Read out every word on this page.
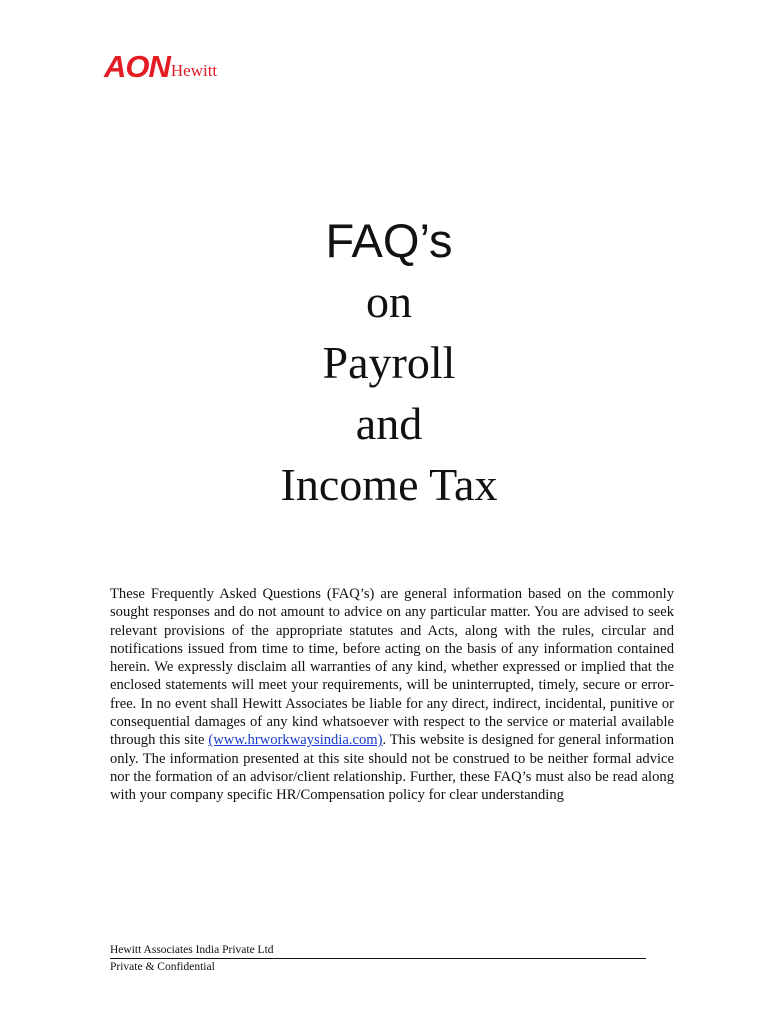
AON Hewitt
FAQ’s
on
Payroll
and
Income Tax
These Frequently Asked Questions (FAQ’s) are general information based on the commonly sought responses and do not amount to advice on any particular matter. You are advised to seek relevant provisions of the appropriate statutes and Acts, along with the rules, circular and notifications issued from time to time, before acting on the basis of any information contained herein. We expressly disclaim all warranties of any kind, whether expressed or implied that the enclosed statements will meet your requirements, will be uninterrupted, timely, secure or error-free. In no event shall Hewitt Associates be liable for any direct, indirect, incidental, punitive or consequential damages of any kind whatsoever with respect to the service or material available through this site (www.hrworkwaysindia.com). This website is designed for general information only. The information presented at this site should not be construed to be neither formal advice nor the formation of an advisor/client relationship. Further, these FAQ’s must also be read along with your company specific HR/Compensation policy for clear understanding
Hewitt Associates India Private Ltd
Private & Confidential
